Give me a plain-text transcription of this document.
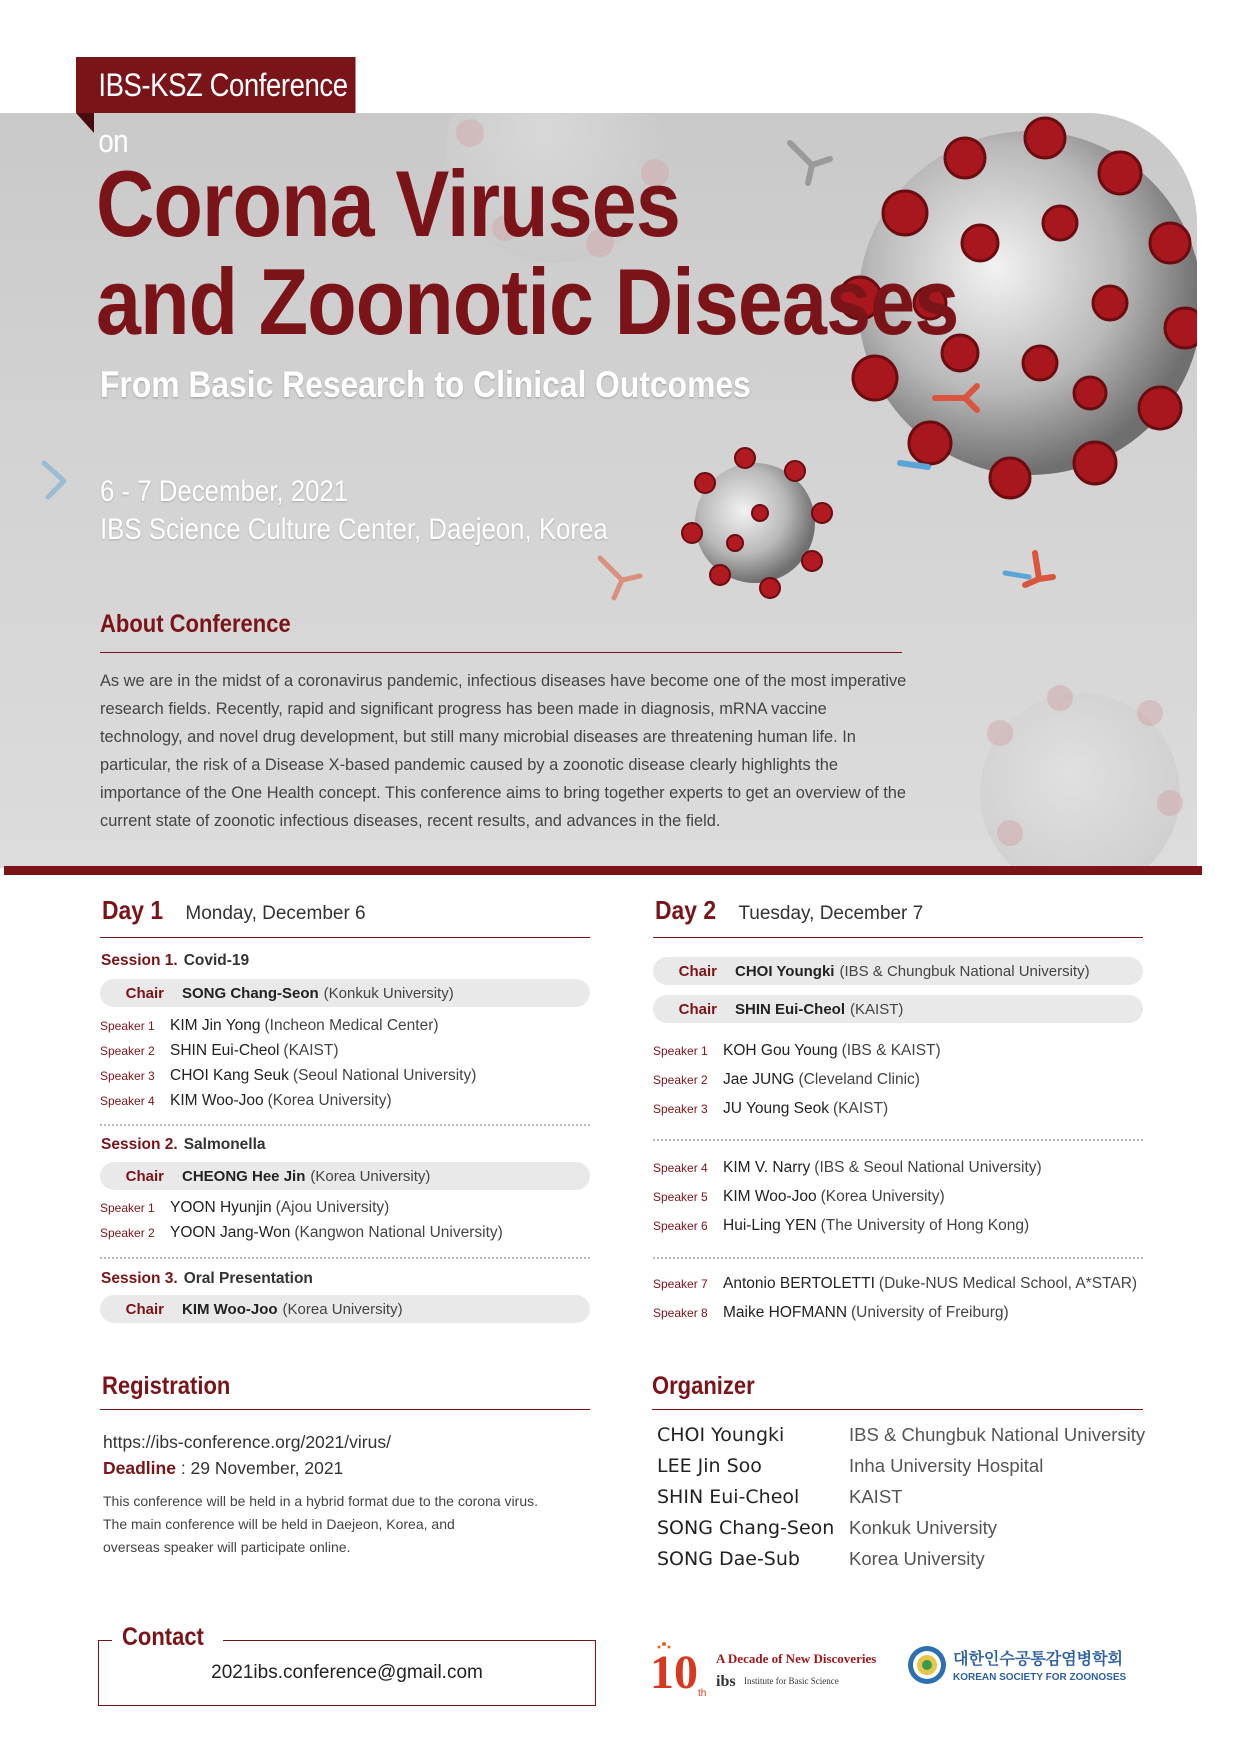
IBS-KSZ Conference on
Corona Viruses
and Zoonotic Diseases
From Basic Research to Clinical Outcomes
6 - 7 December, 2021
IBS Science Culture Center, Daejeon, Korea
About Conference
As we are in the midst of a coronavirus pandemic, infectious diseases have become one of the most imperative research fields. Recently, rapid and significant progress has been made in diagnosis, mRNA vaccine technology, and novel drug development, but still many microbial diseases are threatening human life. In particular, the risk of a Disease X-based pandemic caused by a zoonotic disease clearly highlights the importance of the One Health concept. This conference aims to bring together experts to get an overview of the current state of zoonotic infectious diseases, recent results, and advances in the field.
Day 1 Monday, December 6
Session 1. Covid-19
Chair SONG Chang-Seon (Konkuk University)
Speaker 1 KIM Jin Yong (Incheon Medical Center)
Speaker 2 SHIN Eui-Cheol (KAIST)
Speaker 3 CHOI Kang Seuk (Seoul National University)
Speaker 4 KIM Woo-Joo (Korea University)
Session 2. Salmonella
Chair CHEONG Hee Jin (Korea University)
Speaker 1 YOON Hyunjin (Ajou University)
Speaker 2 YOON Jang-Won (Kangwon National University)
Session 3. Oral Presentation
Chair KIM Woo-Joo (Korea University)
Day 2 Tuesday, December 7
Chair CHOI Youngki (IBS & Chungbuk National University)
Chair SHIN Eui-Cheol (KAIST)
Speaker 1 KOH Gou Young (IBS & KAIST)
Speaker 2 Jae JUNG (Cleveland Clinic)
Speaker 3 JU Young Seok (KAIST)
Speaker 4 KIM V. Narry (IBS & Seoul National University)
Speaker 5 KIM Woo-Joo (Korea University)
Speaker 6 Hui-Ling YEN (The University of Hong Kong)
Speaker 7 Antonio BERTOLETTI (Duke-NUS Medical School, A*STAR)
Speaker 8 Maike HOFMANN (University of Freiburg)
Registration
https://ibs-conference.org/2021/virus/
Deadline : 29 November, 2021
This conference will be held in a hybrid format due to the corona virus.
The main conference will be held in Daejeon, Korea, and
overseas speaker will participate online.
Organizer
CHOI Youngki	IBS & Chungbuk National University
LEE Jin Soo	Inha University Hospital
SHIN Eui-Cheol	KAIST
SONG Chang-Seon Konkuk University
SONG Dae-Sub	Korea University
Contact
2021ibs.conference@gmail.com	10 th
A Decade of New Discoveries
ibs Institute for Basic Science
대한인수공통감염병학회
KOREAN SOCIETY FOR ZOONOSES
